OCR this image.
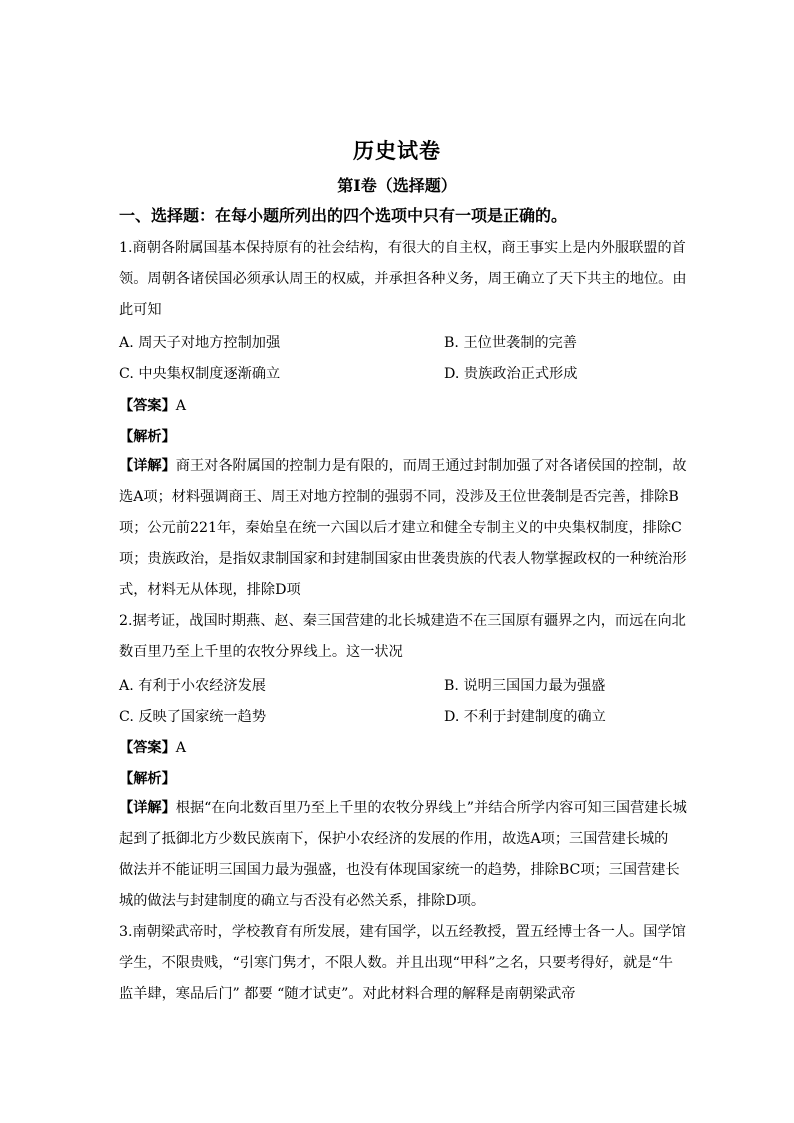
历史试卷
第Ⅰ卷（选择题）
一、选择题：在每小题所列出的四个选项中只有一项是正确的。

1.商朝各附属国基本保持原有的社会结构，有很大的自主权，商王事实上是内外服联盟的首

领。周朝各诸侯国必须承认周王的权威，并承担各种义务，周王确立了天下共主的地位。由

此可知

A. 周天子对地方控制加强	B. 王位世袭制的完善
C. 中央集权制度逐渐确立	D. 贵族政治正式形成
【答案】A
【解析】

【详解】商王对各附属国的控制力是有限的，而周王通过封制加强了对各诸侯国的控制，故

选A项；材料强调商王、周王对地方控制的强弱不同，没涉及王位世袭制是否完善，排除B

项；公元前221年，秦始皇在统一六国以后才建立和健全专制主义的中央集权制度，排除C

项；贵族政治，是指奴隶制国家和封建制国家由世袭贵族的代表人物掌握政权的一种统治形

式，材料无从体现，排除D项

2.据考证，战国时期燕、赵、秦三国营建的北长城建造不在三国原有疆界之内，而远在向北

数百里乃至上千里的农牧分界线上。这一状况

A. 有利于小农经济发展	B. 说明三国国力最为强盛
C. 反映了国家统一趋势	D. 不利于封建制度的确立
【答案】A
【解析】

【详解】根据“在向北数百里乃至上千里的农牧分界线上”并结合所学内容可知三国营建长城

起到了抵御北方少数民族南下，保护小农经济的发展的作用，故选A项；三国营建长城的

做法并不能证明三国国力最为强盛，也没有体现国家统一的趋势，排除BC项；三国营建长

城的做法与封建制度的确立与否没有必然关系，排除D项。

3.南朝梁武帝时，学校教育有所发展，建有国学，以五经教授，置五经博士各一人。国学馆

学生，不限贵贱，“引寒门隽才，不限人数。并且出现“甲科”之名，只要考得好，就是“牛

监羊肆，寒品后门” 都要 “随才试吏”。对此材料合理的解释是南朝梁武帝
